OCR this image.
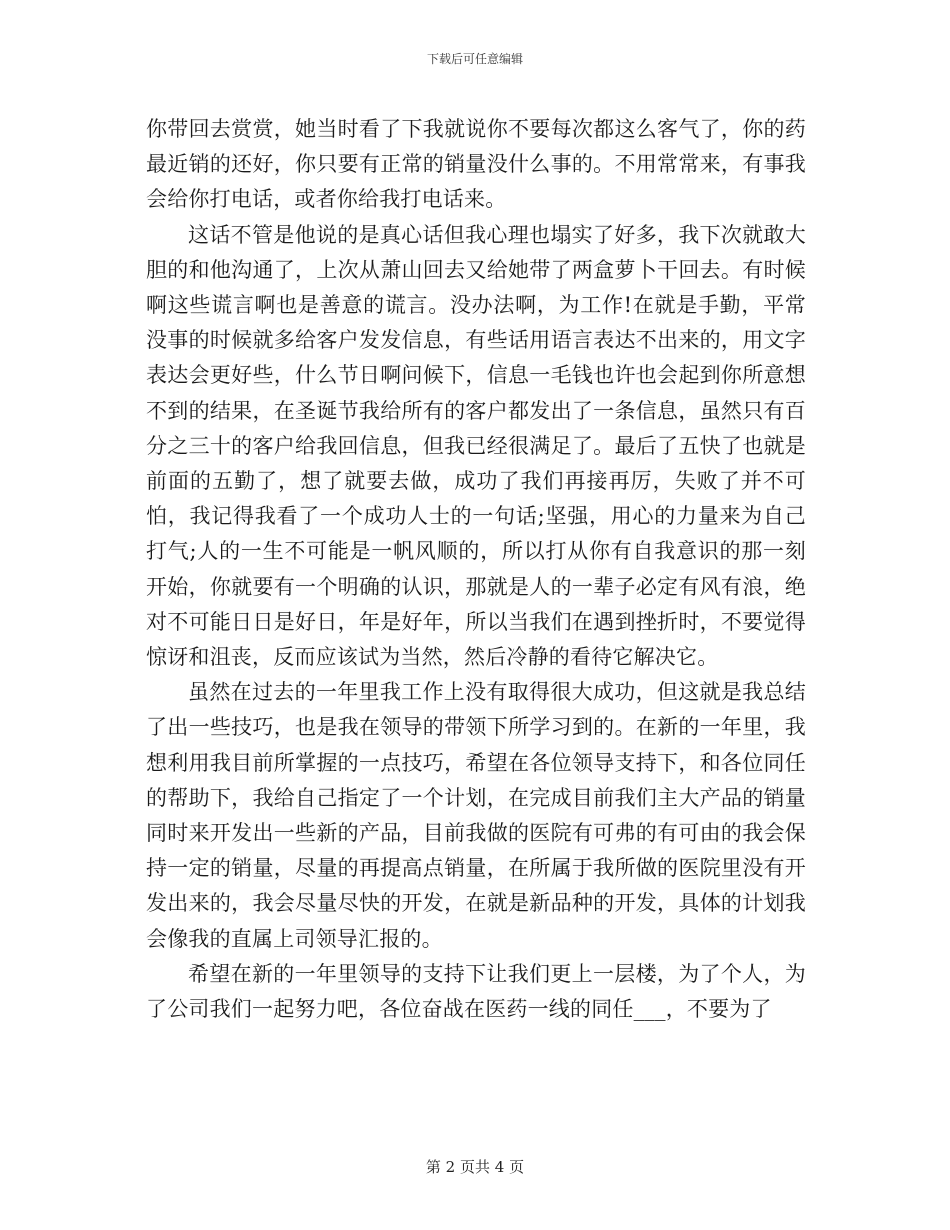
下载后可任意编辑

你带回去赏赏，她当时看了下我就说你不要每次都这么客气了，你的药最近销的还好，你只要有正常的销量没什么事的。不用常常来，有事我会给你打电话，或者你给我打电话来。

这话不管是他说的是真心话但我心理也塌实了好多，我下次就敢大胆的和他沟通了，上次从萧山回去又给她带了两盒萝卜干回去。有时候啊这些谎言啊也是善意的谎言。没办法啊，为工作!在就是手勤，平常没事的时候就多给客户发发信息，有些话用语言表达不出来的，用文字表达会更好些，什么节日啊问候下，信息一毛钱也许也会起到你所意想不到的结果，在圣诞节我给所有的客户都发出了一条信息，虽然只有百分之三十的客户给我回信息，但我已经很满足了。最后了五快了也就是前面的五勤了，想了就要去做，成功了我们再接再厉，失败了并不可怕，我记得我看了一个成功人士的一句话;坚强，用心的力量来为自己打气;人的一生不可能是一帆风顺的，所以打从你有自我意识的那一刻开始，你就要有一个明确的认识，那就是人的一辈子必定有风有浪，绝对不可能日日是好日，年是好年，所以当我们在遇到挫折时，不要觉得惊讶和沮丧，反而应该试为当然，然后冷静的看待它解决它。

虽然在过去的一年里我工作上没有取得很大成功，但这就是我总结了出一些技巧，也是我在领导的带领下所学习到的。在新的一年里，我想利用我目前所掌握的一点技巧，希望在各位领导支持下，和各位同任的帮助下，我给自己指定了一个计划，在完成目前我们主大产品的销量同时来开发出一些新的产品，目前我做的医院有可弗的有可由的我会保持一定的销量，尽量的再提高点销量，在所属于我所做的医院里没有开发出来的，我会尽量尽快的开发，在就是新品种的开发，具体的计划我会像我的直属上司领导汇报的。

希望在新的一年里领导的支持下让我们更上一层楼，为了个人，为了公司我们一起努力吧，各位奋战在医药一线的同任___，不要为了

第 2 页共 4 页
